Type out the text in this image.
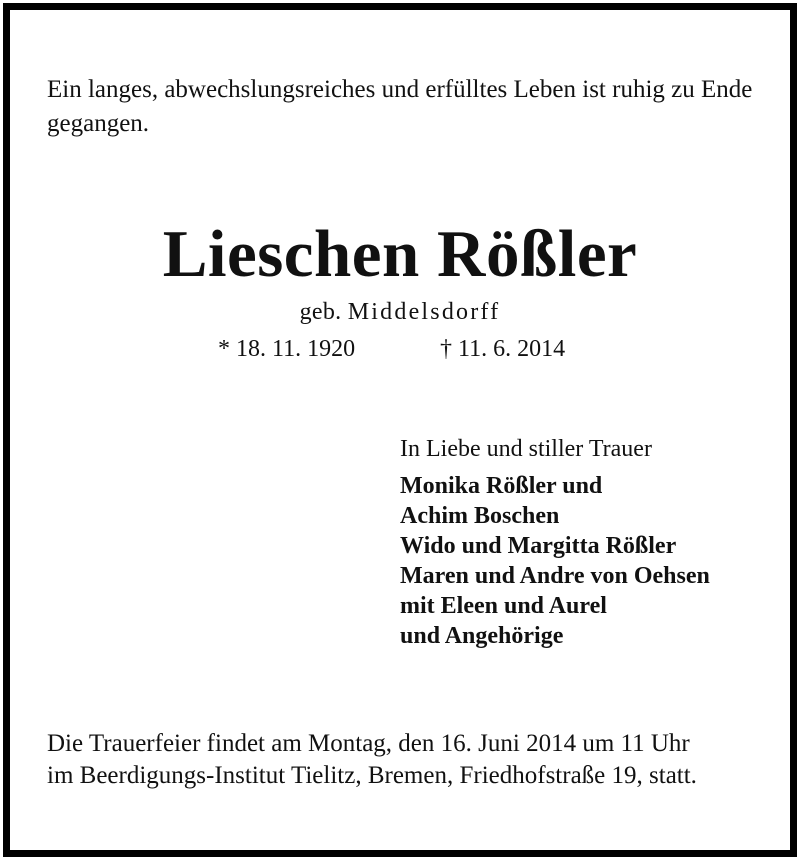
Ein langes, abwechslungsreiches und erfülltes Leben ist ruhig zu Ende gegangen.

Lieschen Rößler

geb. Middelsdorff

* 18. 11. 1920	† 11. 6. 2014

In Liebe und stiller Trauer

Monika Rößler und
Achim Boschen
Wido und Margitta Rößler
Maren und Andre von Oehsen
mit Eleen und Aurel
und Angehörige

Die Trauerfeier findet am Montag, den 16. Juni 2014 um 11 Uhr
im Beerdigungs-Institut Tielitz, Bremen, Friedhofstraße 19, statt.
